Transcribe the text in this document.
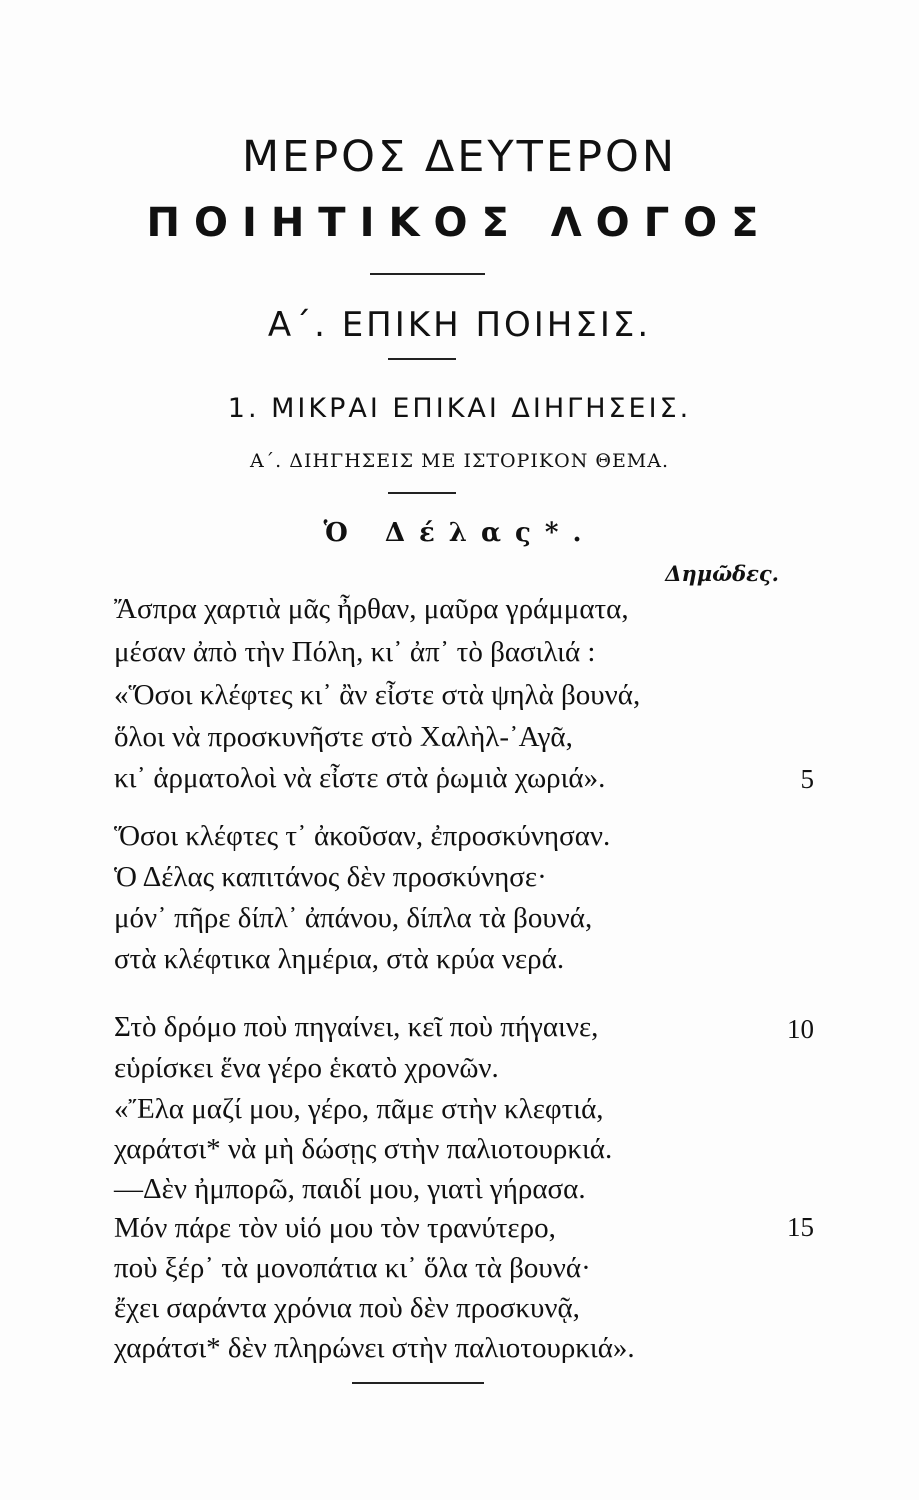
ΜΕΡΟΣ ΔΕΥΤΕΡΟΝ
ΠΟΙΗΤΙΚΟΣ ΛΟΓΟΣ
Α΄. ΕΠΙΚΗ ΠΟΙΗΣΙΣ.
1. ΜΙΚΡΑΙ ΕΠΙΚΑΙ ΔΙΗΓΗΣΕΙΣ.
Α΄. ΔΙΗΓΗΣΕΙΣ ΜΕ ΙΣΤΟΡΙΚΟΝ ΘΕΜΑ.
Ὁ Δέλας*.
Δημῶδες.
Ἄσπρα χαρτιὰ μᾶς ἦρθαν, μαῦρα γράμματα,
μέσαν ἀπὸ τὴν Πόλη, κι᾿ ἀπ᾿ τὸ βασιλιά :
«Ὅσοι κλέφτες κι᾿ ἂν εἶστε στὰ ψηλὰ βουνά,
ὅλοι νὰ προσκυνῆστε στὸ Χαλὴλ-᾿Αγᾶ,
κι᾿ ἁρματολοὶ νὰ εἶστε στὰ ῥωμιὰ χωριά».	5
Ὅσοι κλέφτες τ᾿ ἀκοῦσαν, ἐπροσκύνησαν.
Ὁ Δέλας καπιτάνος δὲν προσκύνησε·
μόν᾿ πῆρε δίπλ᾿ ἀπάνου, δίπλα τὰ βουνά,
στὰ κλέφτικα λημέρια, στὰ κρύα νερά.
Στὸ δρόμο ποὺ πηγαίνει, κεῖ ποὺ πήγαινε,	10
εὑρίσκει ἕνα γέρο ἑκατὸ χρονῶν.
«Ἔλα μαζί μου, γέρο, πᾶμε στὴν κλεφτιά,
χαράτσι* νὰ μὴ δώσῃς στὴν παλιοτουρκιά.
—Δὲν ἠμπορῶ, παιδί μου, γιατὶ γήρασα.
Μόν πάρε τὸν υἱό μου τὸν τρανύτερο,	15
ποὺ ξέρ᾿ τὰ μονοπάτια κι᾿ ὅλα τὰ βουνά·
ἔχει σαράντα χρόνια ποὺ δὲν προσκυνᾷ,
χαράτσι* δὲν πληρώνει στὴν παλιοτουρκιά».
